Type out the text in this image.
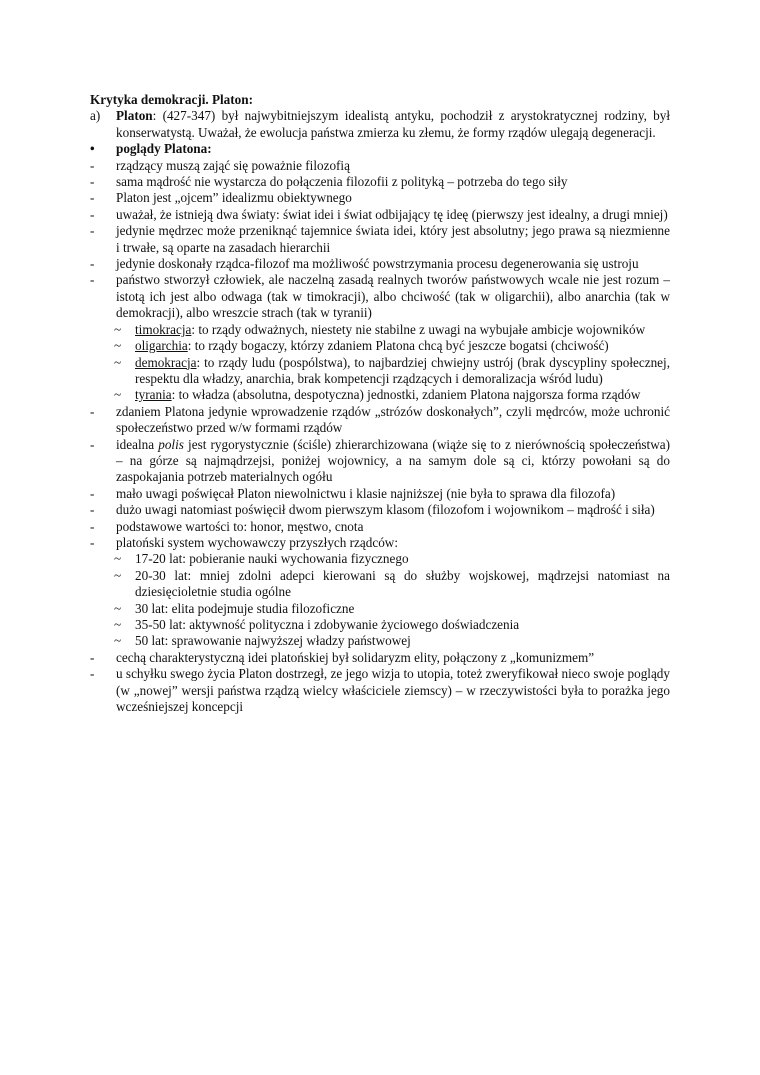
Krytyka demokracji. Platon:
a) Platon: (427-347) był najwybitniejszym idealistą antyku, pochodził z arystokratycznej rodziny, był konserwatystą. Uważał, że ewolucja państwa zmierza ku złemu, że formy rządów ulegają degeneracji.
• poglądy Platona:
- rządzący muszą zająć się poważnie filozofią
- sama mądrość nie wystarcza do połączenia filozofii z polityką – potrzeba do tego siły
- Platon jest „ojcem” idealizmu obiektywnego
- uważał, że istnieją dwa światy: świat idei i świat odbijający tę ideę (pierwszy jest idealny, a drugi mniej)
- jedynie mędrzec może przeniknąć tajemnice świata idei, który jest absolutny; jego prawa są niezmienne i trwałe, są oparte na zasadach hierarchii
- jedynie doskonały rządca-filozof ma możliwość powstrzymania procesu degenerowania się ustroju
- państwo stworzył człowiek, ale naczelną zasadą realnych tworów państwowych wcale nie jest rozum – istotą ich jest albo odwaga (tak w timokracji), albo chciwość (tak w oligarchii), albo anarchia (tak w demokracji), albo wreszcie strach (tak w tyranii)
~ timokracja: to rządy odważnych, niestety nie stabilne z uwagi na wybujałe ambicje wojowników
~ oligarchia: to rządy bogaczy, którzy zdaniem Platona chcą być jeszcze bogatsi (chciwość)
~ demokracja: to rządy ludu (pospólstwa), to najbardziej chwiejny ustrój (brak dyscypliny społecznej, respektu dla władzy, anarchia, brak kompetencji rządzących i demoralizacja wśród ludu)
~ tyrania: to władza (absolutna, despotyczna) jednostki, zdaniem Platona najgorsza forma rządów
- zdaniem Platona jedynie wprowadzenie rządów „strózów doskonałych”, czyli mędrców, może uchronić społeczeństwo przed w/w formami rządów
- idealna polis jest rygorystycznie (ściśle) zhierarchizowana (wiąże się to z nierównością społeczeństwa) – na górze są najmądrzejsi, poniżej wojownicy, a na samym dole są ci, którzy powołani są do zaspokajania potrzeb materialnych ogółu
- mało uwagi poświęcał Platon niewolnictwu i klasie najniższej (nie była to sprawa dla filozofa)
- dużo uwagi natomiast poświęcił dwom pierwszym klasom (filozofom i wojownikom – mądrość i siła)
- podstawowe wartości to: honor, męstwo, cnota
- platoński system wychowawczy przyszłych rządców:
~ 17-20 lat: pobieranie nauki wychowania fizycznego
~ 20-30 lat: mniej zdolni adepci kierowani są do służby wojskowej, mądrzejsi natomiast na dziesięcioletnie studia ogólne
~ 30 lat: elita podejmuje studia filozoficzne
~ 35-50 lat: aktywność polityczna i zdobywanie życiowego doświadczenia
~ 50 lat: sprawowanie najwyższej władzy państwowej
- cechą charakterystyczną idei platońskiej był solidaryzm elity, połączony z „komunizmem”
- u schyłku swego życia Platon dostrzegł, ze jego wizja to utopia, toteż zweryfikował nieco swoje poglądy (w „nowej” wersji państwa rządzą wielcy właściciele ziemscy) – w rzeczywistości była to porażka jego wcześniejszej koncepcji
